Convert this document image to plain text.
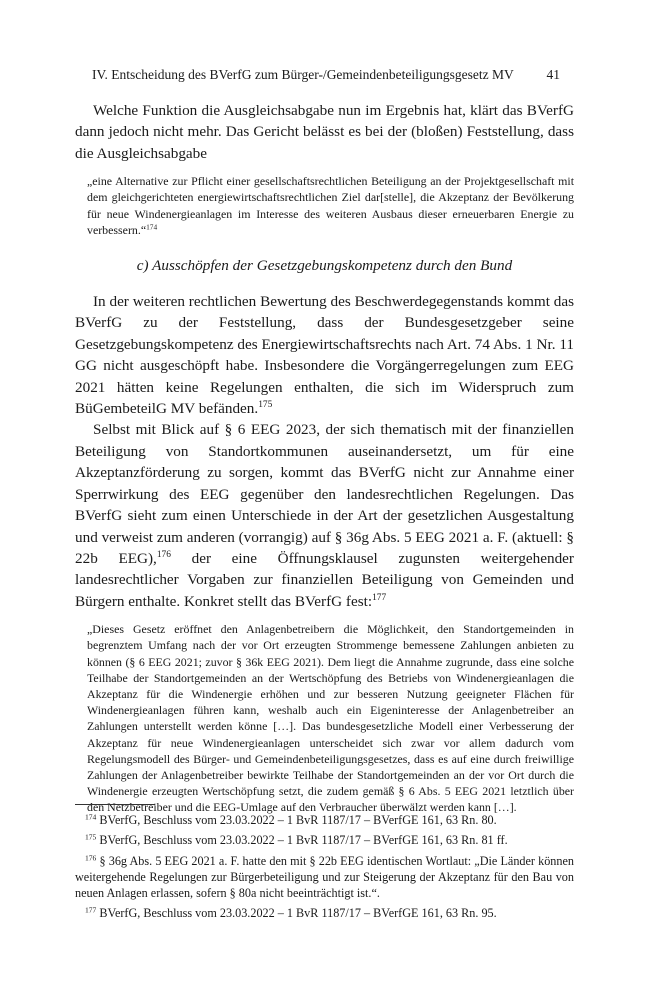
IV. Entscheidung des BVerfG zum Bürger-/Gemeindenbeteiligungsgesetz MV 41

Welche Funktion die Ausgleichsabgabe nun im Ergebnis hat, klärt das BVerfG dann jedoch nicht mehr. Das Gericht belässt es bei der (bloßen) Feststellung, dass die Ausgleichsabgabe

„eine Alternative zur Pflicht einer gesellschaftsrechtlichen Beteiligung an der Projektgesellschaft mit dem gleichgerichteten energiewirtschaftsrechtlichen Ziel dar[stelle], die Akzeptanz der Bevölkerung für neue Windenergieanlagen im Interesse des weiteren Ausbaus dieser erneuerbaren Energie zu verbessern.“$^{174}$
c) Ausschöpfen der Gesetzgebungskompetenz durch den Bund

In der weiteren rechtlichen Bewertung des Beschwerdegegenstands kommt das BVerfG zu der Feststellung, dass der Bundesgesetzgeber seine Gesetzgebungskompetenz des Energiewirtschaftsrechts nach Art. 74 Abs. 1 Nr. 11 GG nicht ausgeschöpft habe. Insbesondere die Vorgängerregelungen zum EEG 2021 hätten keine Regelungen enthalten, die sich im Widerspruch zum BüGembeteilG MV befänden.$^{175}$

Selbst mit Blick auf § 6 EEG 2023, der sich thematisch mit der finanziellen Beteiligung von Standortkommunen auseinandersetzt, um für eine Akzeptanzförderung zu sorgen, kommt das BVerfG nicht zur Annahme einer Sperrwirkung des EEG gegenüber den landesrechtlichen Regelungen. Das BVerfG sieht zum einen Unterschiede in der Art der gesetzlichen Ausgestaltung und verweist zum anderen (vorrangig) auf § 36g Abs. 5 EEG 2021 a. F. (aktuell: § 22b EEG),$^{176}$ der eine Öffnungsklausel zugunsten weitergehender landesrechtlicher Vorgaben zur finanziellen Beteiligung von Gemeinden und Bürgern enthalte. Konkret stellt das BVerfG fest:$^{177}$

„Dieses Gesetz eröffnet den Anlagenbetreibern die Möglichkeit, den Standortgemeinden in begrenztem Umfang nach der vor Ort erzeugten Strommenge bemessene Zahlungen anbieten zu können (§ 6 EEG 2021; zuvor § 36k EEG 2021). Dem liegt die Annahme zugrunde, dass eine solche Teilhabe der Standortgemeinden an der Wertschöpfung des Betriebs von Windenergieanlagen die Akzeptanz für die Windenergie erhöhen und zur besseren Nutzung geeigneter Flächen für Windenergieanlagen führen kann, weshalb auch ein Eigeninteresse der Anlagenbetreiber an Zahlungen unterstellt werden könne […]. Das bundesgesetzliche Modell einer Verbesserung der Akzeptanz für neue Windenergieanlagen unterscheidet sich zwar vor allem dadurch vom Regelungsmodell des Bürger- und Gemeindenbeteiligungsgesetzes, dass es auf eine durch freiwillige Zahlungen der Anlagenbetreiber bewirkte Teilhabe der Standortgemeinden an der vor Ort durch die Windenergie erzeugten Wertschöpfung setzt, die zudem gemäß § 6 Abs. 5 EEG 2021 letztlich über den Netzbetreiber und die EEG-Umlage auf den Verbraucher überwälzt werden kann […].

$^{174}$ BVerfG, Beschluss vom 23.03.2022 – 1 BvR 1187/17 – BVerfGE 161, 63 Rn. 80.

$^{175}$ BVerfG, Beschluss vom 23.03.2022 – 1 BvR 1187/17 – BVerfGE 161, 63 Rn. 81 ff.

$^{176}$ § 36g Abs. 5 EEG 2021 a. F. hatte den mit § 22b EEG identischen Wortlaut: „Die Länder können weitergehende Regelungen zur Bürgerbeteiligung und zur Steigerung der Akzeptanz für den Bau von neuen Anlagen erlassen, sofern § 80a nicht beeinträchtigt ist.“.

$^{177}$ BVerfG, Beschluss vom 23.03.2022 – 1 BvR 1187/17 – BVerfGE 161, 63 Rn. 95.
